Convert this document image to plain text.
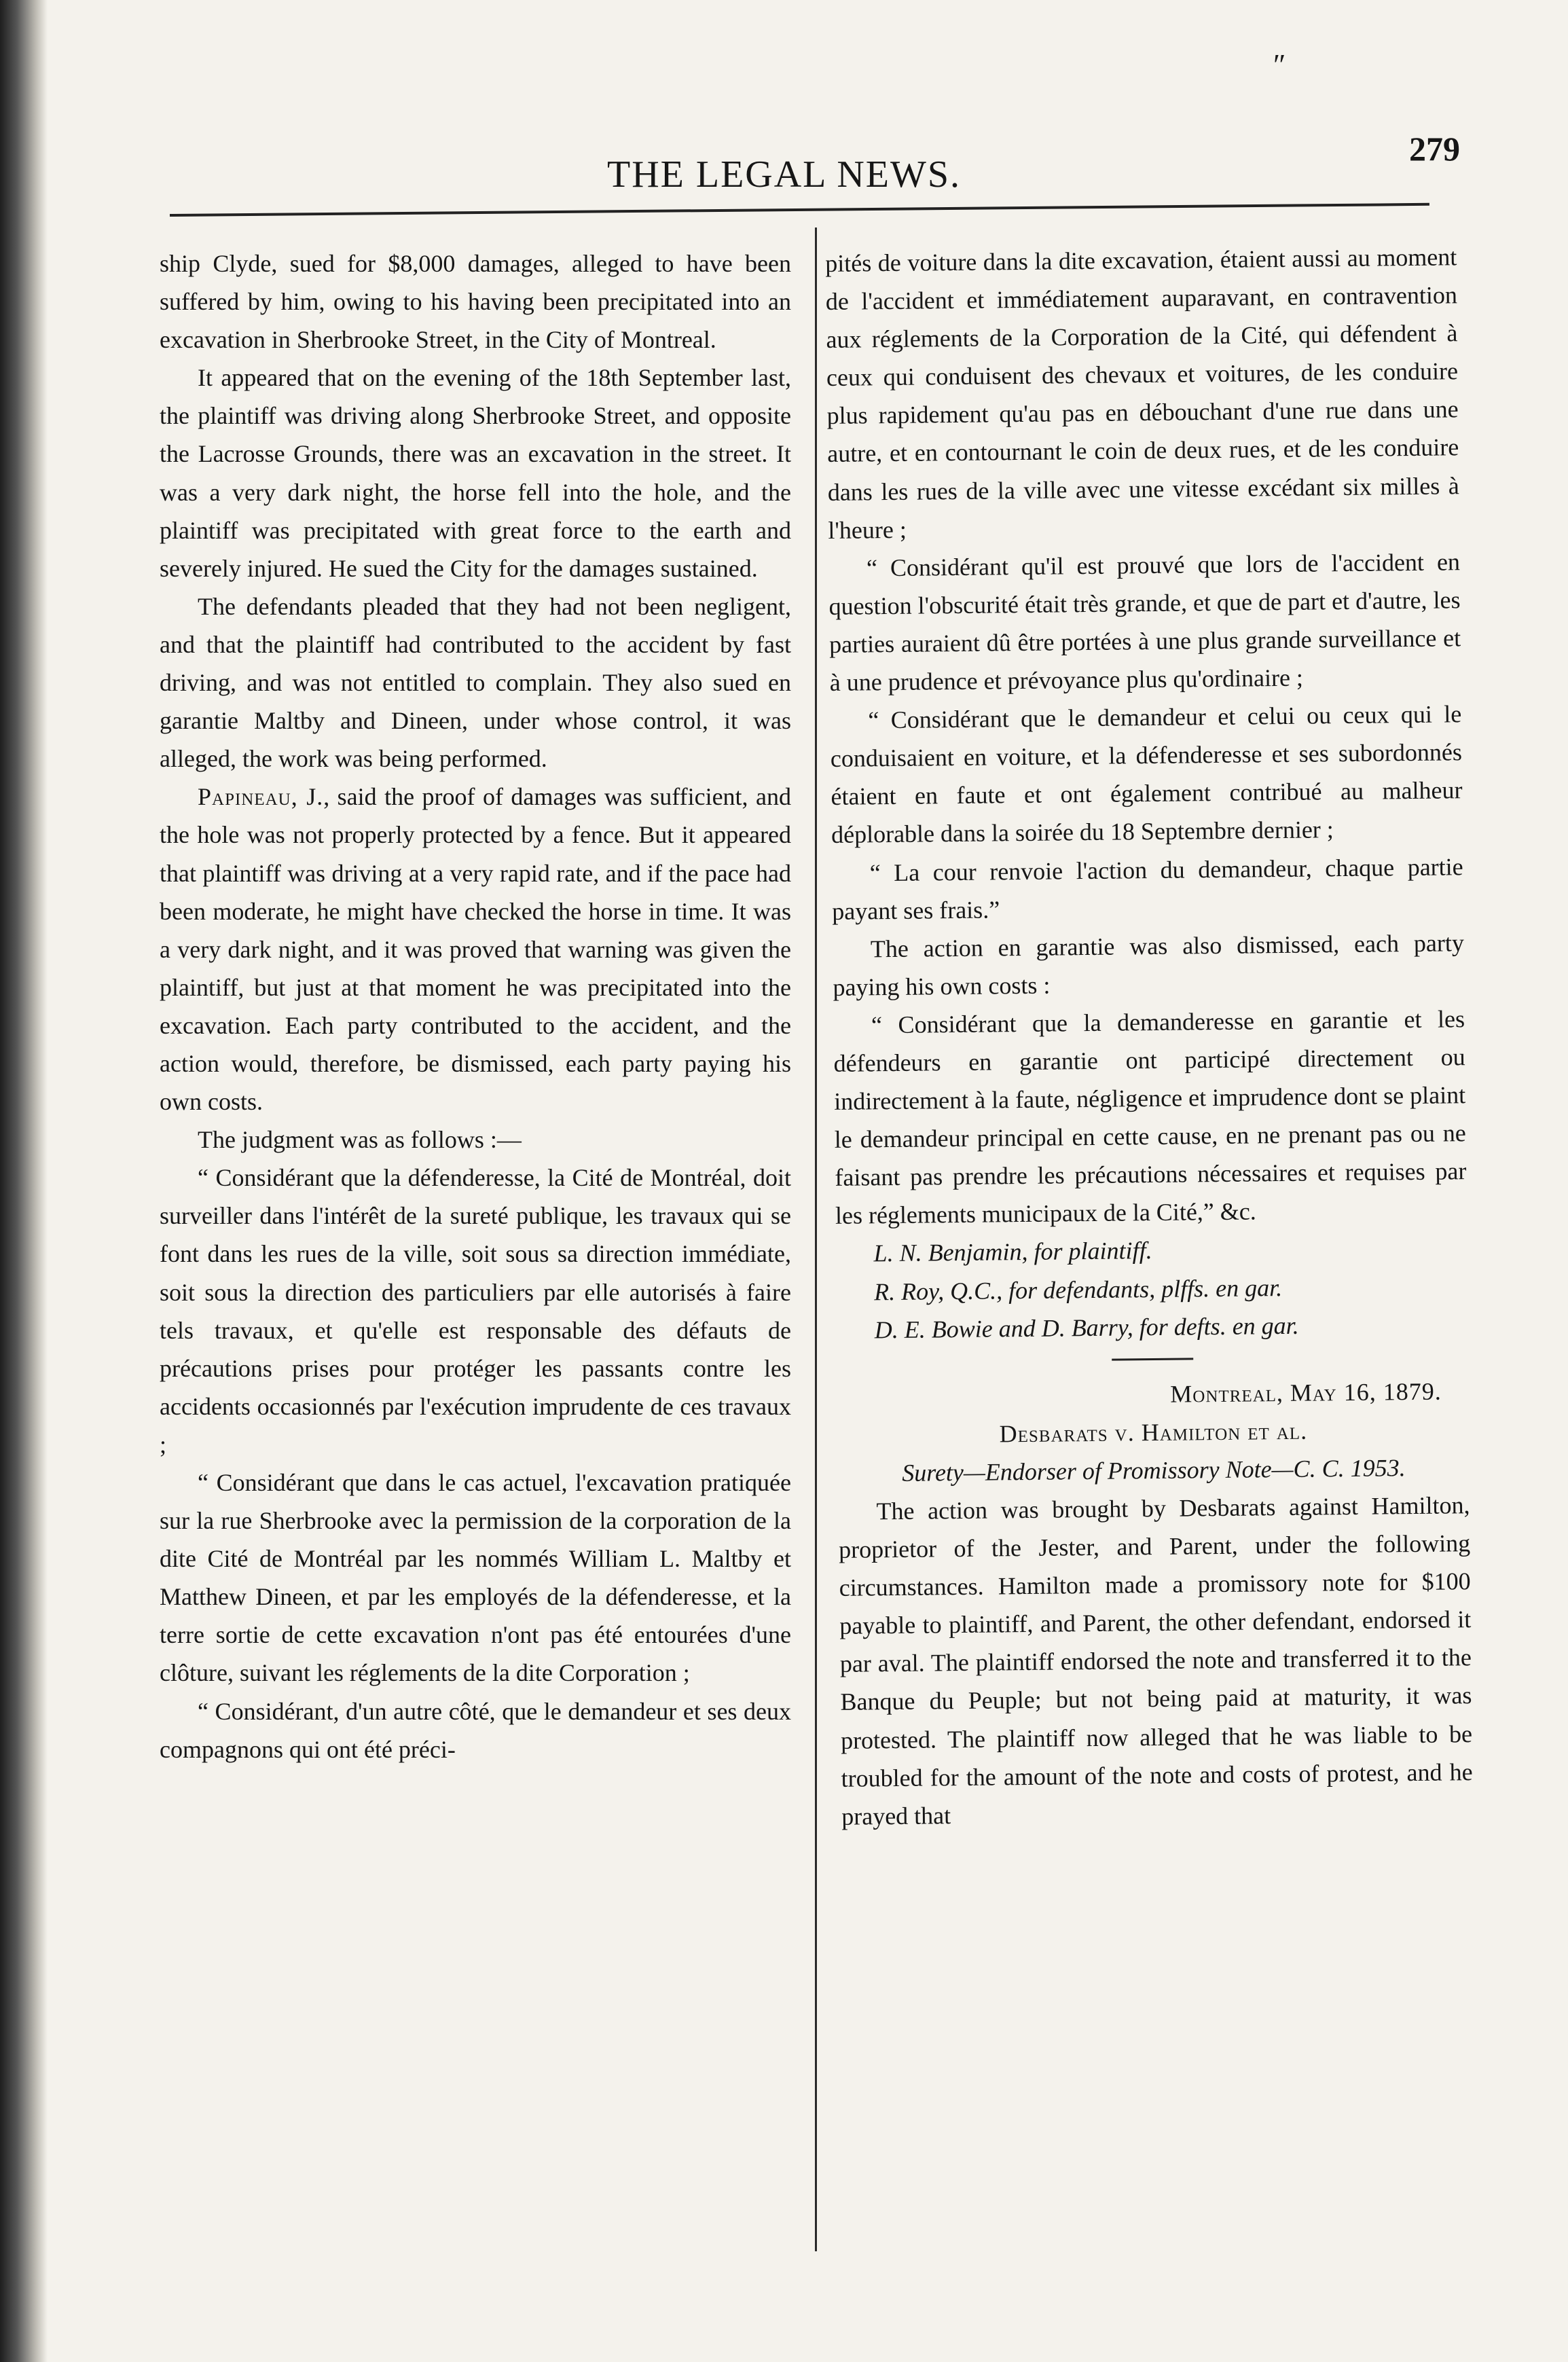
″
THE LEGAL NEWS.
279

ship Clyde, sued for $8,000 damages, alleged to have been suffered by him, owing to his having been precipitated into an excavation in Sherbrooke Street, in the City of Montreal.

It appeared that on the evening of the 18th September last, the plaintiff was driving along Sherbrooke Street, and opposite the Lacrosse Grounds, there was an excavation in the street. It was a very dark night, the horse fell into the hole, and the plaintiff was precipitated with great force to the earth and severely injured. He sued the City for the damages sustained.

The defendants pleaded that they had not been negligent, and that the plaintiff had contributed to the accident by fast driving, and was not entitled to complain. They also sued en garantie Maltby and Dineen, under whose control, it was alleged, the work was being performed.

Papineau, J., said the proof of damages was sufficient, and the hole was not properly protected by a fence. But it appeared that plaintiff was driving at a very rapid rate, and if the pace had been moderate, he might have checked the horse in time. It was a very dark night, and it was proved that warning was given the plaintiff, but just at that moment he was precipitated into the excavation. Each party contributed to the accident, and the action would, therefore, be dismissed, each party paying his own costs.

The judgment was as follows :—

“ Considérant que la défenderesse, la Cité de Montréal, doit surveiller dans l'intérêt de la sureté publique, les travaux qui se font dans les rues de la ville, soit sous sa direction immédiate, soit sous la direction des particuliers par elle autorisés à faire tels travaux, et qu'elle est responsable des défauts de précautions prises pour protéger les passants contre les accidents occasionnés par l'exécution imprudente de ces travaux ;

“ Considérant que dans le cas actuel, l'excavation pratiquée sur la rue Sherbrooke avec la permission de la corporation de la dite Cité de Montréal par les nommés William L. Maltby et Matthew Dineen, et par les employés de la défenderesse, et la terre sortie de cette excavation n'ont pas été entourées d'une clôture, suivant les réglements de la dite Corporation ;

“ Considérant, d'un autre côté, que le demandeur et ses deux compagnons qui ont été préci-

pités de voiture dans la dite excavation, étaient aussi au moment de l'accident et immédiatement auparavant, en contravention aux réglements de la Corporation de la Cité, qui défendent à ceux qui conduisent des chevaux et voitures, de les conduire plus rapidement qu'au pas en débouchant d'une rue dans une autre, et en contournant le coin de deux rues, et de les conduire dans les rues de la ville avec une vitesse excédant six milles à l'heure ;

“ Considérant qu'il est prouvé que lors de l'accident en question l'obscurité était très grande, et que de part et d'autre, les parties auraient dû être portées à une plus grande surveillance et à une prudence et prévoyance plus qu'ordinaire ;

“ Considérant que le demandeur et celui ou ceux qui le conduisaient en voiture, et la défenderesse et ses subordonnés étaient en faute et ont également contribué au malheur déplorable dans la soirée du 18 Septembre dernier ;

“ La cour renvoie l'action du demandeur, chaque partie payant ses frais.”

The action en garantie was also dismissed, each party paying his own costs :

“ Considérant que la demanderesse en garantie et les défendeurs en garantie ont participé directement ou indirectement à la faute, négligence et imprudence dont se plaint le demandeur principal en cette cause, en ne prenant pas ou ne faisant pas prendre les précautions nécessaires et requises par les réglements municipaux de la Cité,” &c.

L. N. Benjamin, for plaintiff.

R. Roy, Q.C., for defendants, plffs. en gar.

D. E. Bowie and D. Barry, for defts. en gar.

Montreal, May 16, 1879.

Desbarats v. Hamilton et al.

Surety—Endorser of Promissory Note—C. C. 1953.

The action was brought by Desbarats against Hamilton, proprietor of the Jester, and Parent, under the following circumstances. Hamilton made a promissory note for $100 payable to plaintiff, and Parent, the other defendant, endorsed it par aval. The plaintiff endorsed the note and transferred it to the Banque du Peuple; but not being paid at maturity, it was protested. The plaintiff now alleged that he was liable to be troubled for the amount of the note and costs of protest, and he prayed that
